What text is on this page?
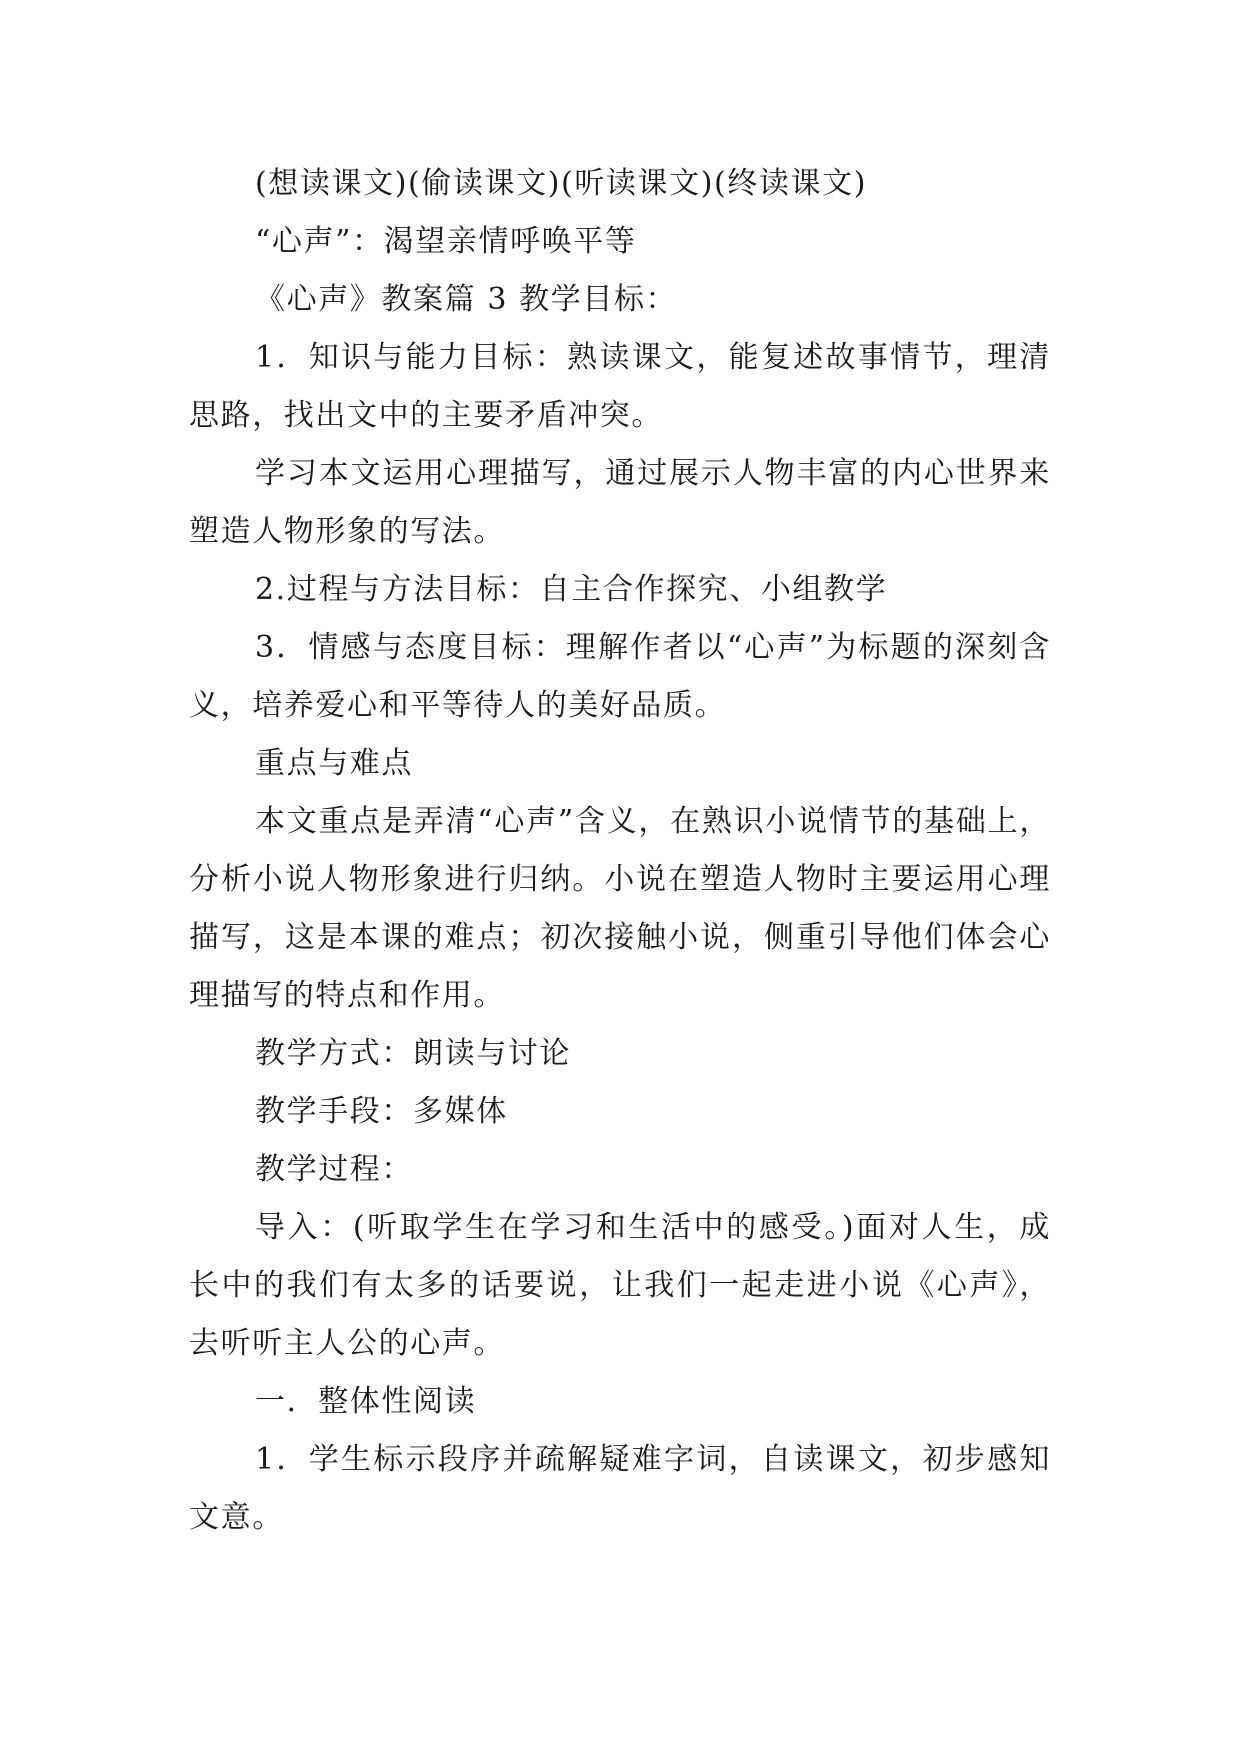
(想读课文)(偷读课文)(听读课文)(终读课文)

“心声”：渴望亲情呼唤平等

《心声》教案篇 3 教学目标：

1．知识与能力目标：熟读课文，能复述故事情节，理清思路，找出文中的主要矛盾冲突。

学习本文运用心理描写，通过展示人物丰富的内心世界来塑造人物形象的写法。

2.过程与方法目标：自主合作探究、小组教学

3．情感与态度目标：理解作者以“心声”为标题的深刻含义，培养爱心和平等待人的美好品质。

重点与难点

本文重点是弄清“心声”含义，在熟识小说情节的基础上，分析小说人物形象进行归纳。小说在塑造人物时主要运用心理描写，这是本课的难点；初次接触小说，侧重引导他们体会心理描写的特点和作用。

教学方式：朗读与讨论

教学手段：多媒体

教学过程：

导入：(听取学生在学习和生活中的感受。)面对人生，成长中的我们有太多的话要说，让我们一起走进小说《心声》，去听听主人公的心声。

一．整体性阅读

1．学生标示段序并疏解疑难字词，自读课文，初步感知文意。
